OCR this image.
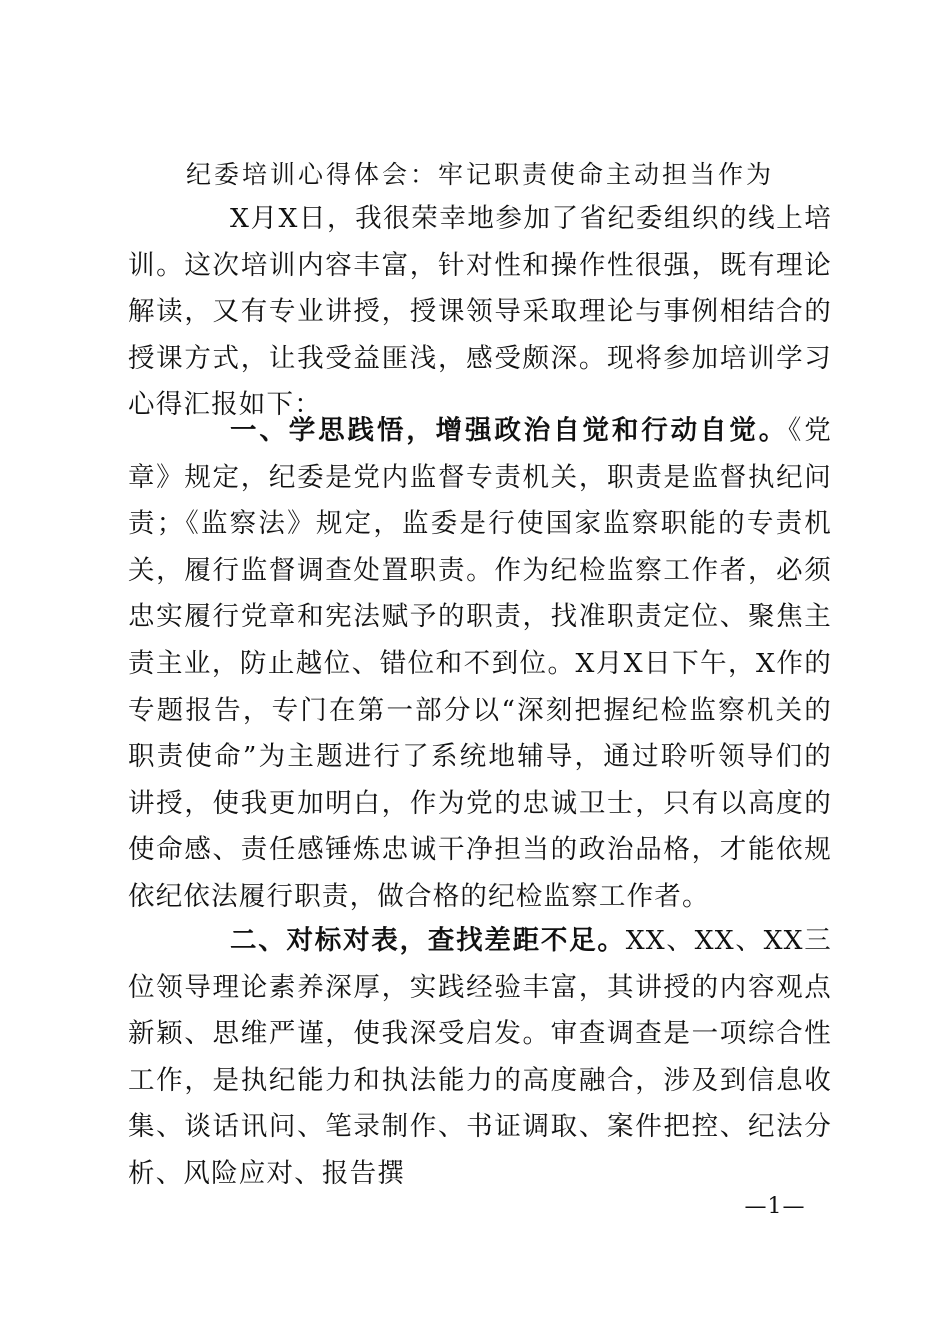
纪委培训心得体会：牢记职责使命主动担当作为

X月X日，我很荣幸地参加了省纪委组织的线上培训。这次培训内容丰富，针对性和操作性很强，既有理论解读，又有专业讲授，授课领导采取理论与事例相结合的授课方式，让我受益匪浅，感受颇深。现将参加培训学习心得汇报如下：

一、学思践悟，增强政治自觉和行动自觉。《党章》规定，纪委是党内监督专责机关，职责是监督执纪问责；《监察法》规定，监委是行使国家监察职能的专责机关，履行监督调查处置职责。作为纪检监察工作者，必须忠实履行党章和宪法赋予的职责，找准职责定位、聚焦主责主业，防止越位、错位和不到位。X月X日下午，X作的专题报告，专门在第一部分以“深刻把握纪检监察机关的职责使命”为主题进行了系统地辅导，通过聆听领导们的讲授，使我更加明白，作为党的忠诚卫士，只有以高度的使命感、责任感锤炼忠诚干净担当的政治品格，才能依规依纪依法履行职责，做合格的纪检监察工作者。

二、对标对表，查找差距不足。XX、XX、XX三位领导理论素养深厚，实践经验丰富，其讲授的内容观点新颖、思维严谨，使我深受启发。审查调查是一项综合性工作，是执纪能力和执法能力的高度融合，涉及到信息收集、谈话讯问、笔录制作、书证调取、案件把控、纪法分析、风险应对、报告撰

—1—
